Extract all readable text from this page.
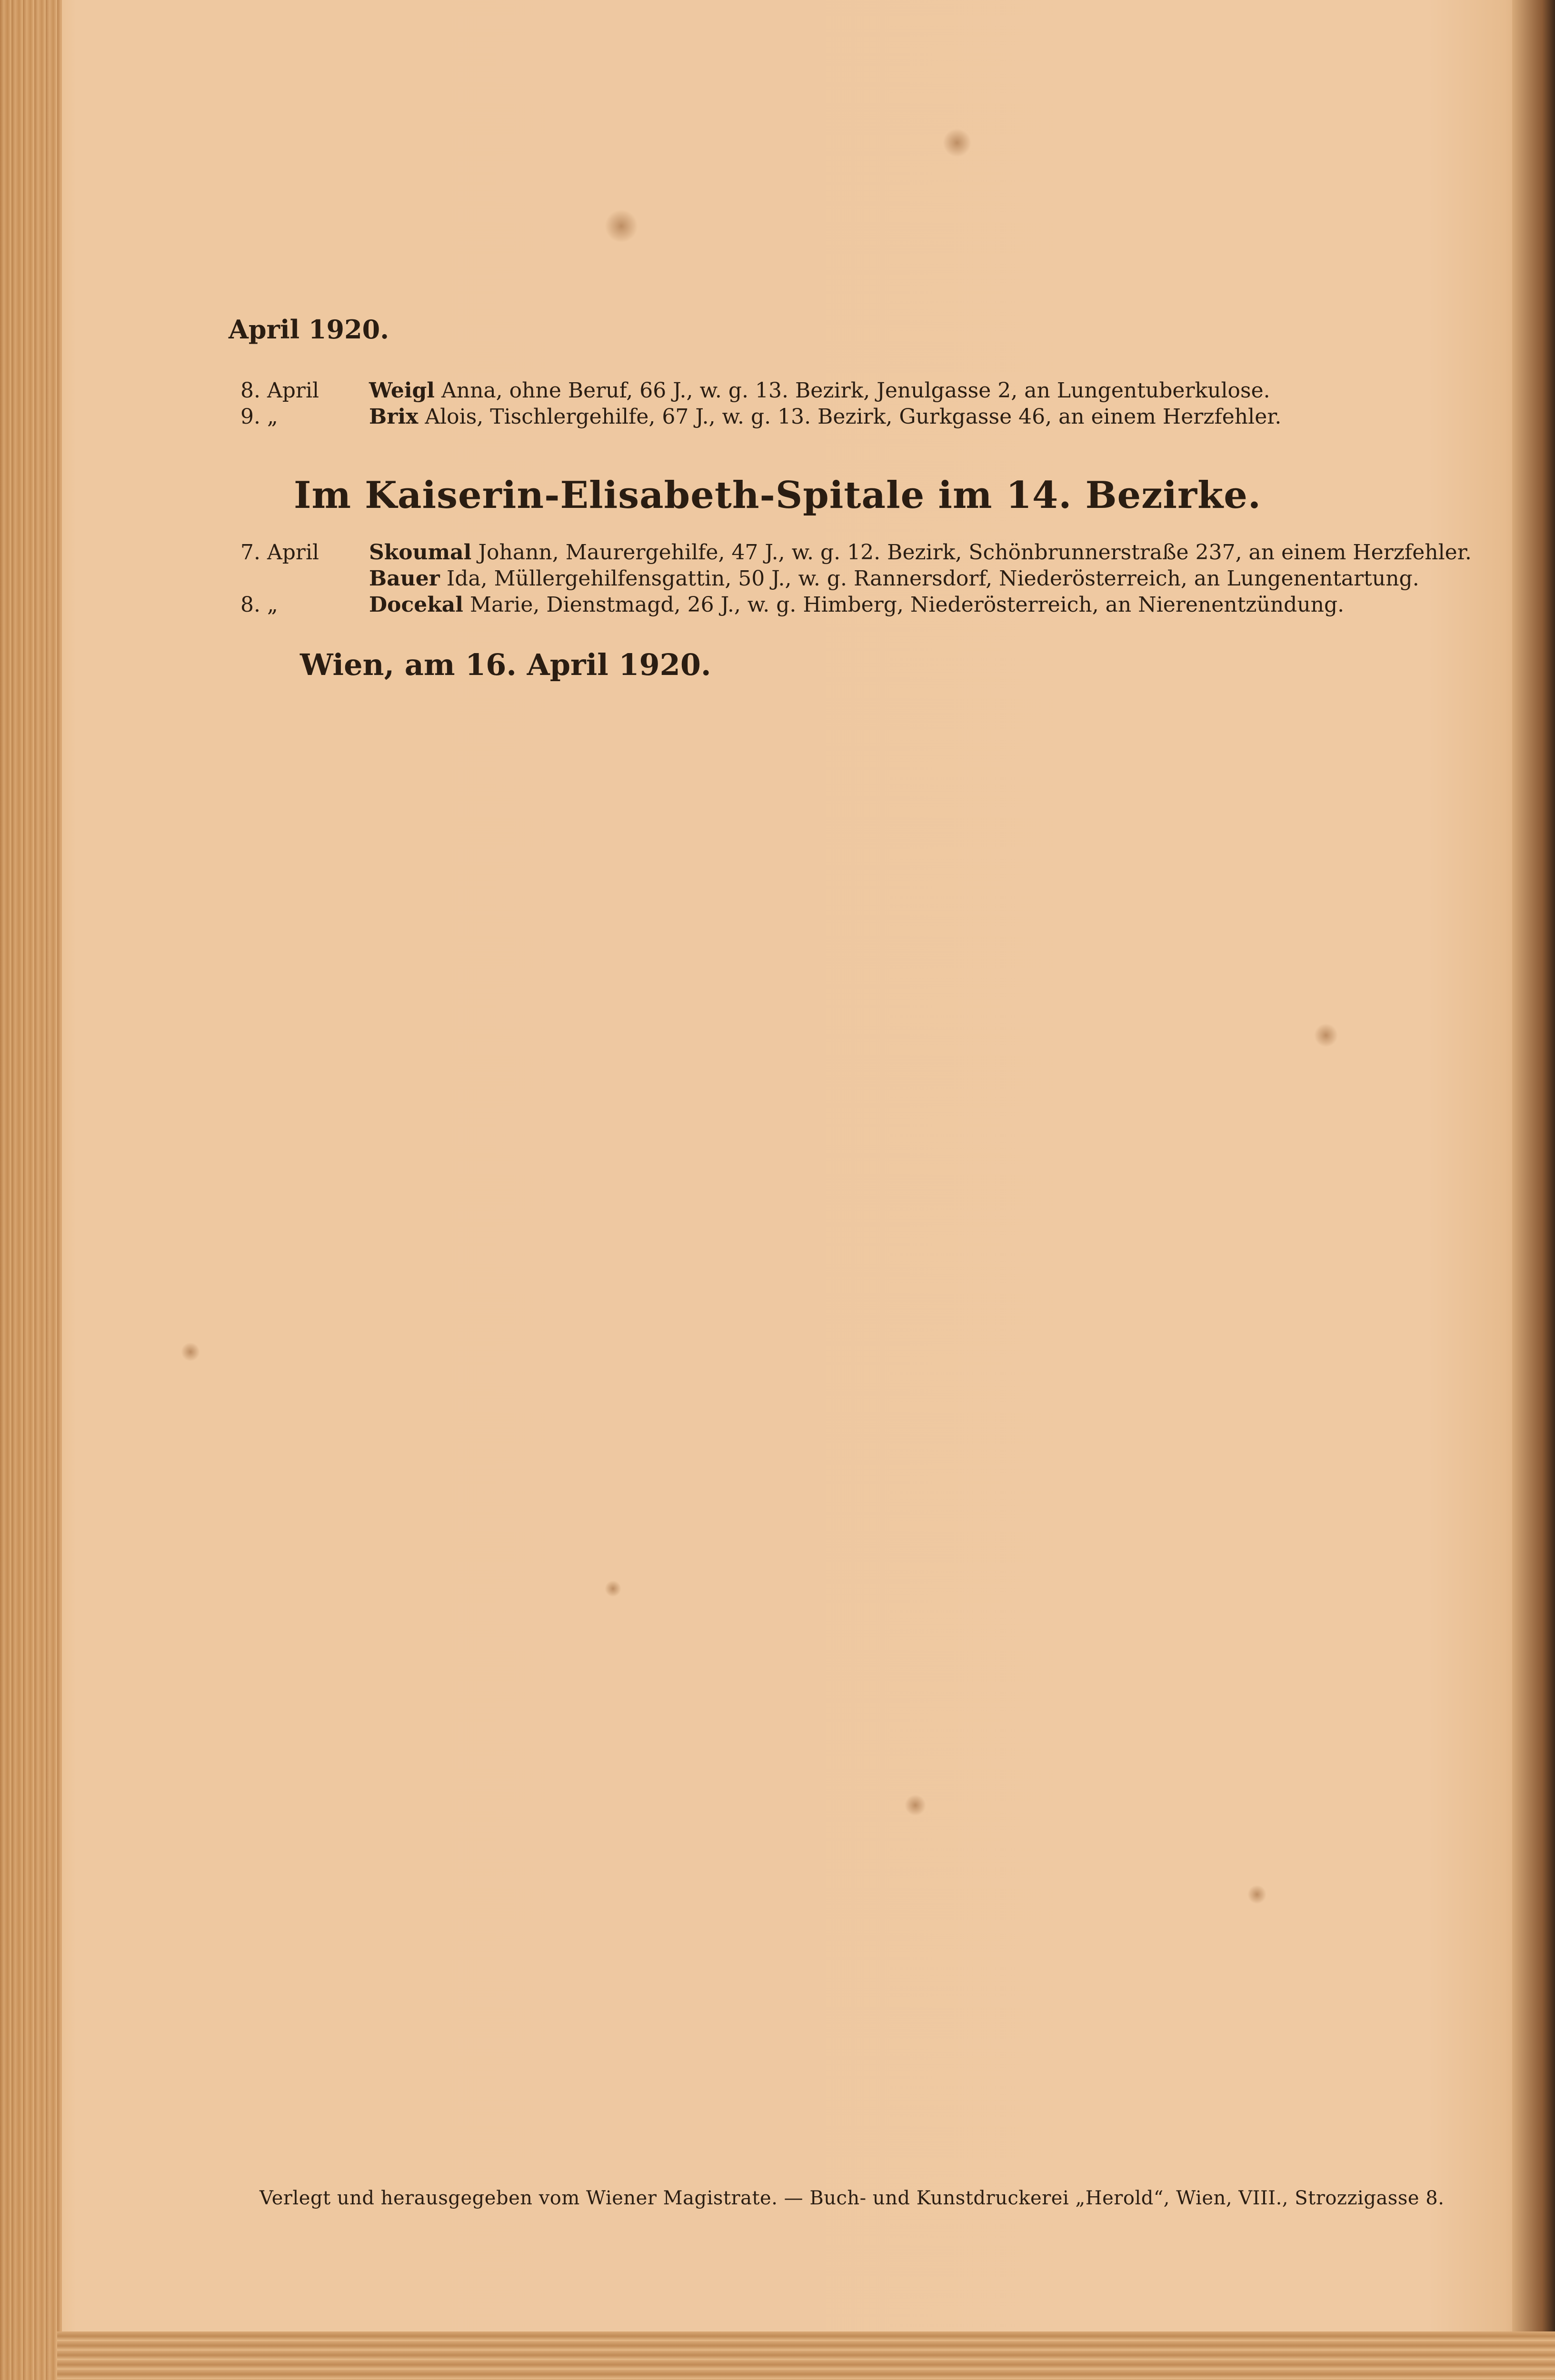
April 1920.
8. April Weigl Anna, ohne Beruf, 66 J., w. g. 13. Bezirk, Jenulgasse 2, an Lungentuberkulose.
9. „	Brix Alois, Tischlergehilfe, 67 J., w. g. 13. Bezirk, Gurkgasse 46, an einem Herzfehler.
Im Kaiserin-Elisabeth-Spitale im 14. Bezirke.
7. April Skoumal Johann, Maurergehilfe, 47 J., w. g. 12. Bezirk, Schönbrunnerstraße 237, an einem Herzfehler.
Bauer Ida, Müllergehilfensgattin, 50 J., w. g. Rannersdorf, Niederösterreich, an Lungenentartung.
8. „	Docekal Marie, Dienstmagd, 26 J., w. g. Himberg, Niederösterreich, an Nierenentzündung.
Wien, am 16. April 1920.
Verlegt und herausgegeben vom Wiener Magistrate. — Buch- und Kunstdruckerei „Herold“, Wien, VIII., Strozzigasse 8.
